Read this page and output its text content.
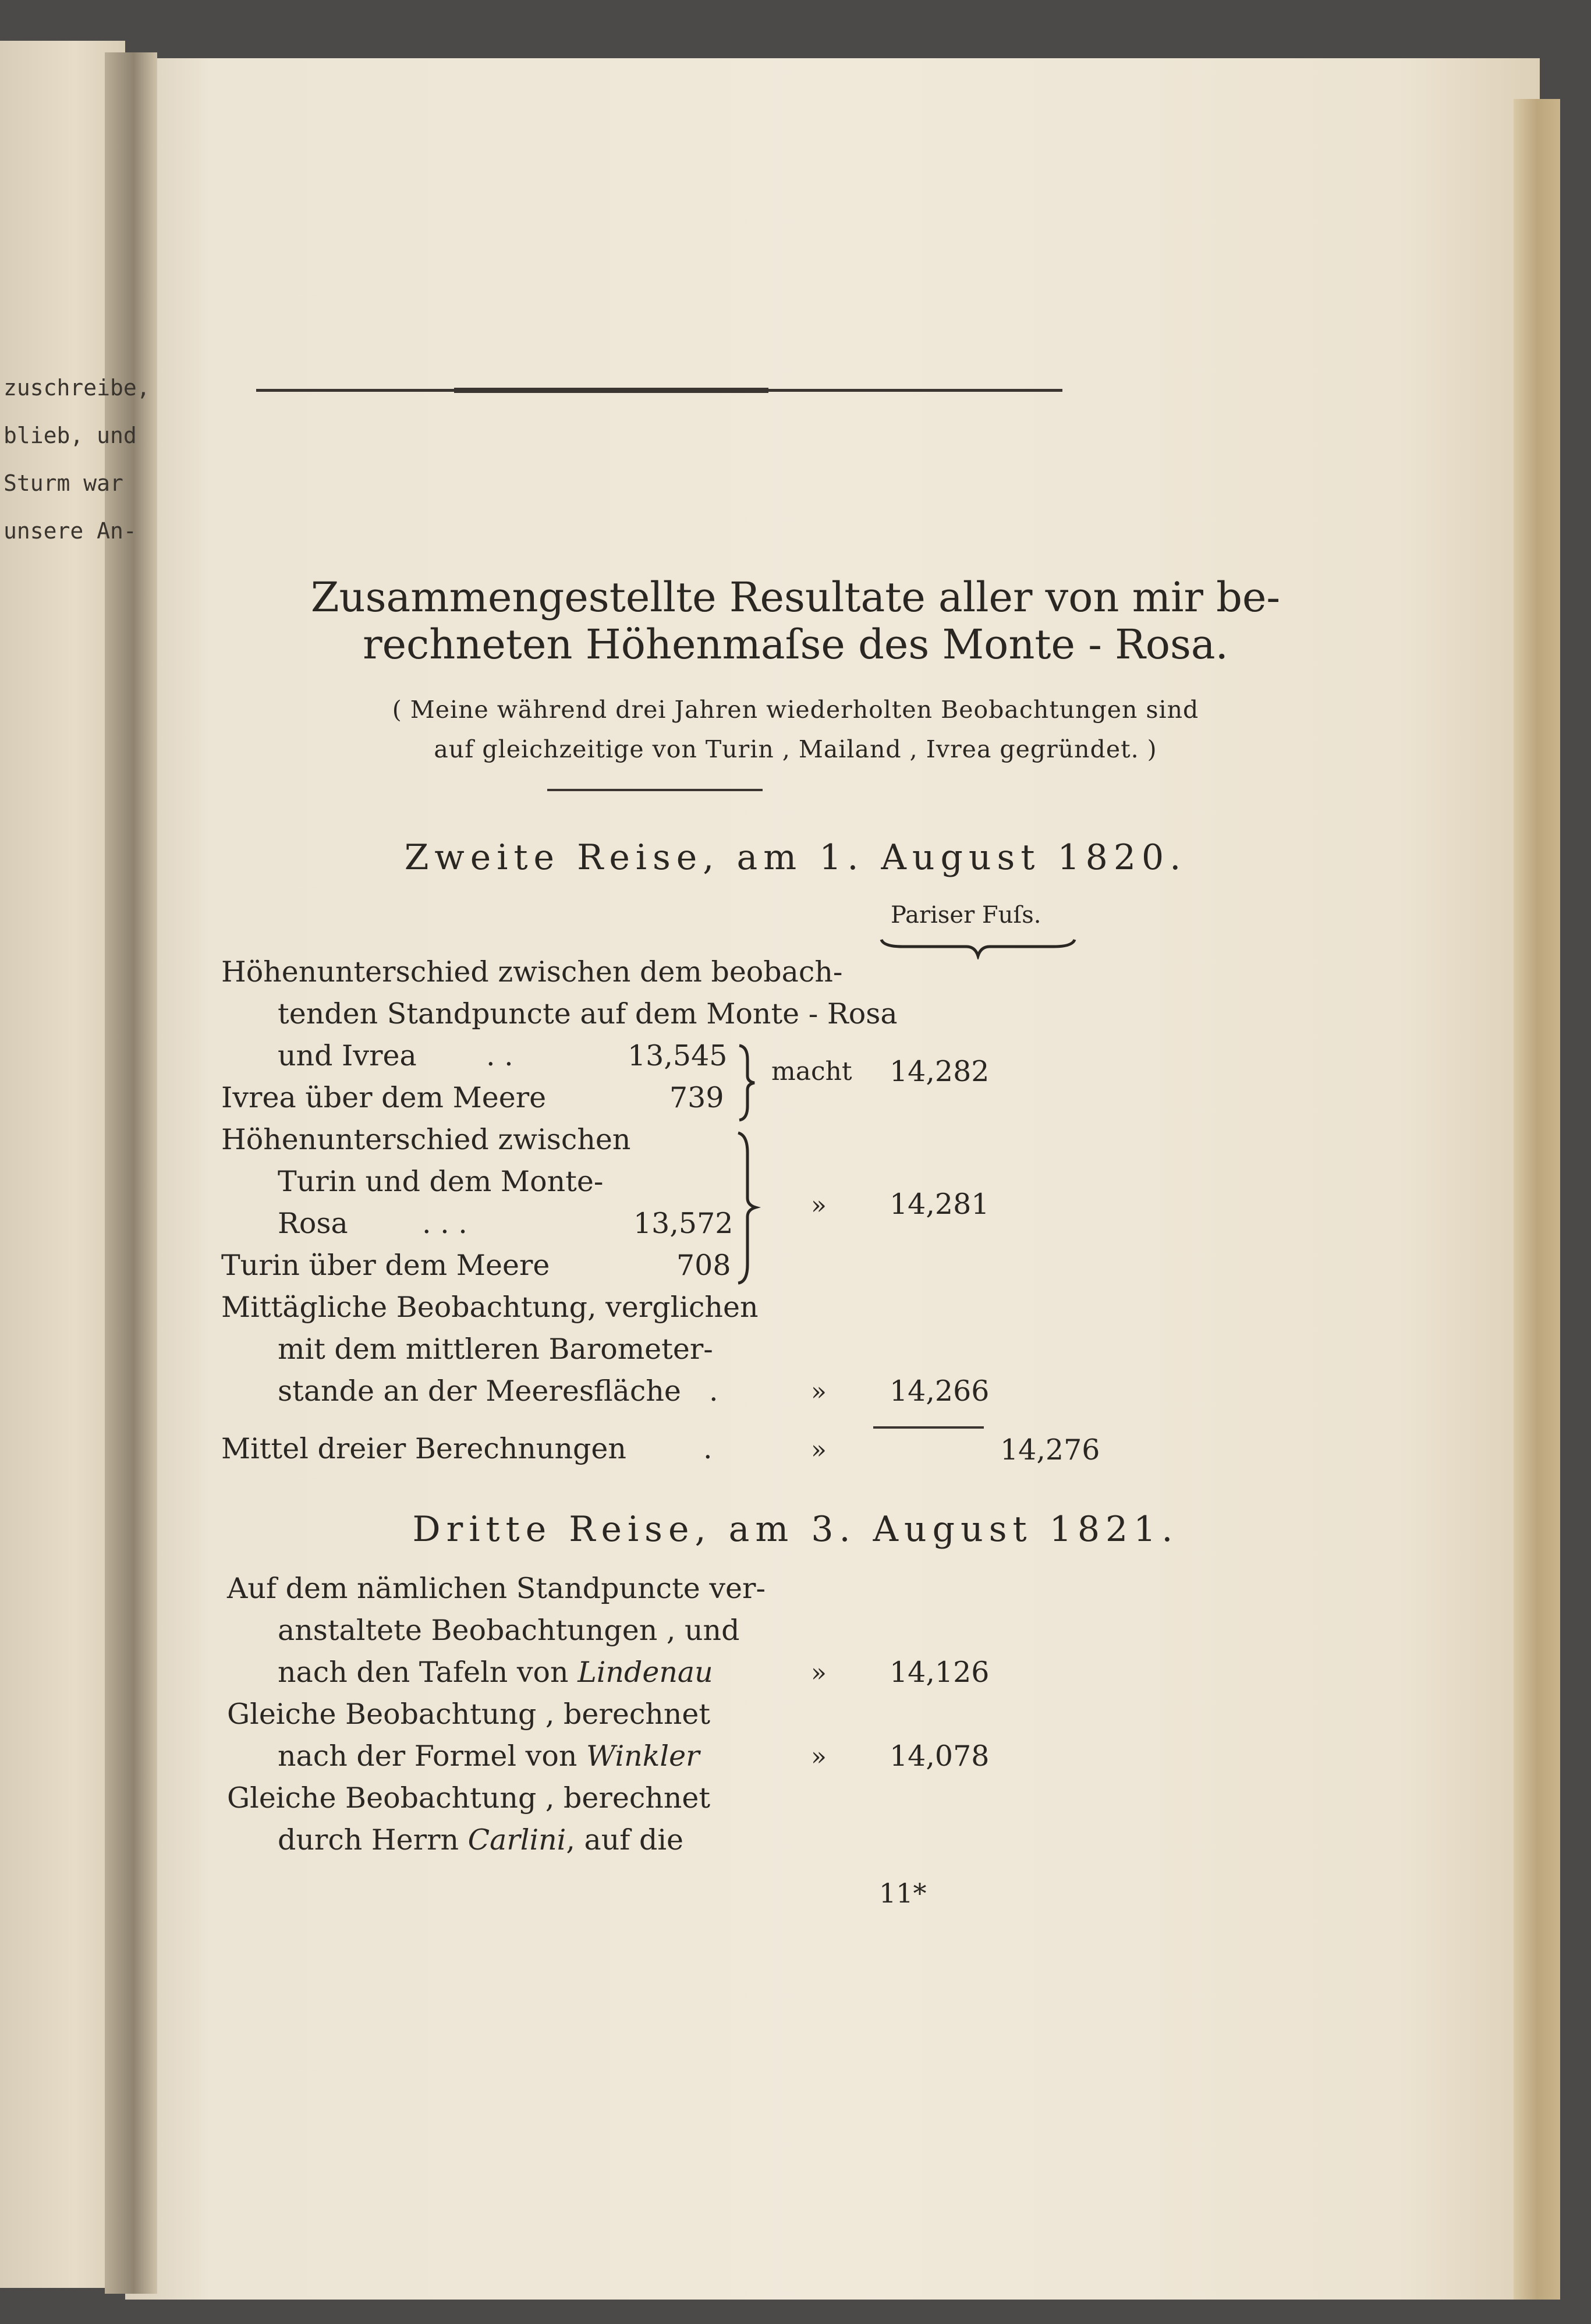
zuschreibe,
blieb, und
Sturm war
unsere An-
Zusammengestellte Resultate aller von mir be-
rechneten Höhenmaſse des Monte - Rosa.
( Meine während drei Jahren wiederholten Beobachtungen sind
auf gleichzeitige von Turin , Mailand , Ivrea gegründet. )
Zweite Reise, am 1. August 1820.
Pariser Fuſs.
Höhenunterschied zwischen dem beobach-
tenden Standpuncte auf dem Monte - Rosa
und Ivrea . .	13,545
Ivrea über dem Meere	739
macht 14,282
Höhenunterschied zwischen
Turin und dem Monte-
Rosa	. . .	13,572
Turin über dem Meere	708
» 14,281
Mittägliche Beobachtung, verglichen
mit dem mittleren Barometer-
stande an der Meeresfläche .	» 14,266
Mittel dreier Berechnungen	.	»	14,276
Dritte Reise, am 3. August 1821.
Auf dem nämlichen Standpuncte ver-
anstaltete Beobachtungen , und
nach den Tafeln von Lindenau	» 14,126
Gleiche Beobachtung , berechnet
nach der Formel von Winkler	» 14,078
Gleiche Beobachtung , berechnet
durch Herrn Carlini, auf die
11*
